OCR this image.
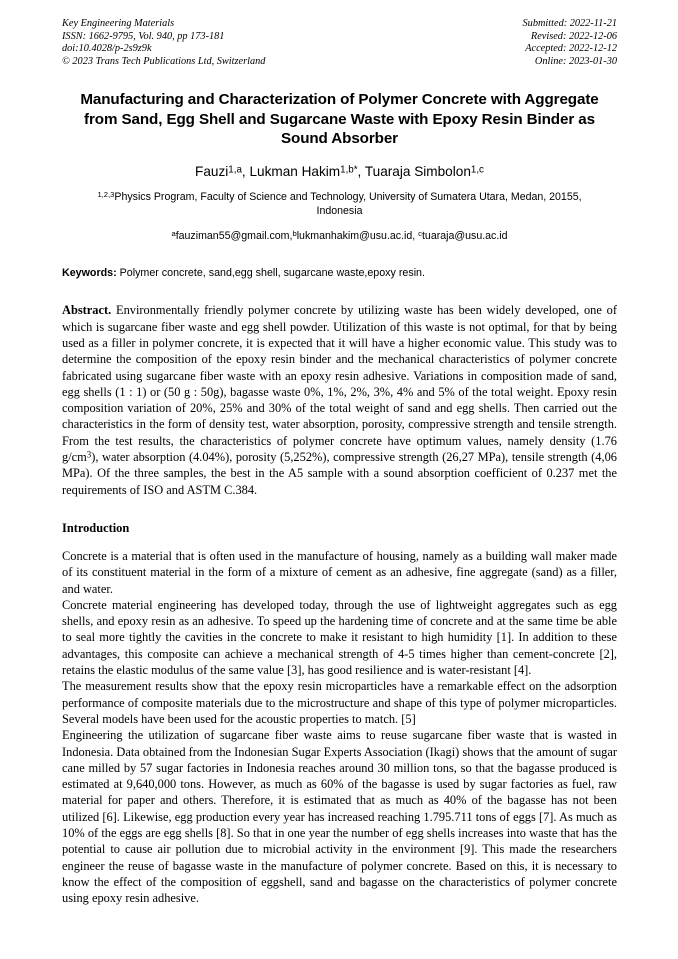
Key Engineering Materials
ISSN: 1662-9795, Vol. 940, pp 173-181
doi:10.4028/p-2s9z9k
© 2023 Trans Tech Publications Ltd, Switzerland
Submitted: 2022-11-21
Revised: 2022-12-06
Accepted: 2022-12-12
Online: 2023-01-30
Manufacturing and Characterization of Polymer Concrete with Aggregate from Sand, Egg Shell and Sugarcane Waste with Epoxy Resin Binder as Sound Absorber
Fauzi$^{1,a}$, Lukman Hakim$^{1,b*}$, Tuaraja Simbolon$^{1,c}$
$^{1,2,3}$Physics Program, Faculty of Science and Technology, University of Sumatera Utara, Medan, 20155, Indonesia
$^a$fauziman55@gmail.com,$^b$lukmanhakim@usu.ac.id, $^c$tuaraja@usu.ac.id
Keywords: Polymer concrete, sand,egg shell, sugarcane waste,epoxy resin.
Abstract. Environmentally friendly polymer concrete by utilizing waste has been widely developed, one of which is sugarcane fiber waste and egg shell powder. Utilization of this waste is not optimal, for that by being used as a filler in polymer concrete, it is expected that it will have a higher economic value. This study was to determine the composition of the epoxy resin binder and the mechanical characteristics of polymer concrete fabricated using sugarcane fiber waste with an epoxy resin adhesive. Variations in composition made of sand, egg shells (1 : 1) or (50 g : 50g), bagasse waste 0%, 1%, 2%, 3%, 4% and 5% of the total weight. Epoxy resin composition variation of 20%, 25% and 30% of the total weight of sand and egg shells. Then carried out the characteristics in the form of density test, water absorption, porosity, compressive strength and tensile strength. From the test results, the characteristics of polymer concrete have optimum values, namely density (1.76 $g/cm^3$), water absorption (4.04%), porosity (5,252%), compressive strength (26,27 MPa), tensile strength (4,06 MPa). Of the three samples, the best in the A5 sample with a sound absorption coefficient of 0.237 met the requirements of ISO and ASTM C.384.
Introduction

Concrete is a material that is often used in the manufacture of housing, namely as a building wall maker made of its constituent material in the form of a mixture of cement as an adhesive, fine aggregate (sand) as a filler, and water.

Concrete material engineering has developed today, through the use of lightweight aggregates such as egg shells, and epoxy resin as an adhesive. To speed up the hardening time of concrete and at the same time be able to seal more tightly the cavities in the concrete to make it resistant to high humidity [1]. In addition to these advantages, this composite can achieve a mechanical strength of 4-5 times higher than cement-concrete [2], retains the elastic modulus of the same value [3], has good resilience and is water-resistant [4].

The measurement results show that the epoxy resin microparticles have a remarkable effect on the adsorption performance of composite materials due to the microstructure and shape of this type of polymer microparticles. Several models have been used for the acoustic properties to match. [5]

Engineering the utilization of sugarcane fiber waste aims to reuse sugarcane fiber waste that is wasted in Indonesia. Data obtained from the Indonesian Sugar Experts Association (Ikagi) shows that the amount of sugar cane milled by 57 sugar factories in Indonesia reaches around 30 million tons, so that the bagasse produced is estimated at 9,640,000 tons. However, as much as 60% of the bagasse is used by sugar factories as fuel, raw material for paper and others. Therefore, it is estimated that as much as 40% of the bagasse has not been utilized [6]. Likewise, egg production every year has increased reaching 1.795.711 tons of eggs [7]. As much as 10% of the eggs are egg shells [8]. So that in one year the number of egg shells increases into waste that has the potential to cause air pollution due to microbial activity in the environment [9]. This made the researchers engineer the reuse of bagasse waste in the manufacture of polymer concrete. Based on this, it is necessary to know the effect of the composition of eggshell, sand and bagasse on the characteristics of polymer concrete using epoxy resin adhesive.
